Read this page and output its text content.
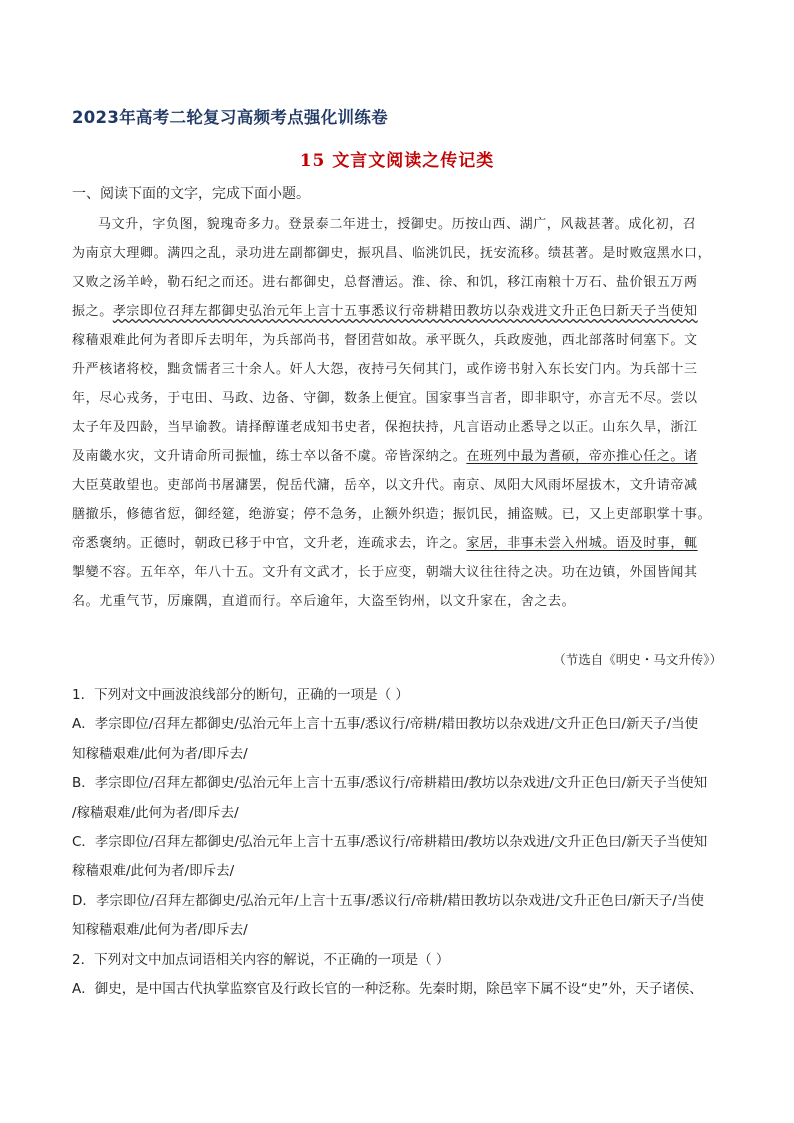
2023年高考二轮复习高频考点强化训练卷
15 文言文阅读之传记类
一、阅读下面的文字，完成下面小题。
马文升，字负图，貌瑰奇多力。登景泰二年进士，授御史。历按山西、湖广，风裁甚著。成化初，召
为南京大理卿。满四之乱，录功进左副都御史，振巩昌、临洮饥民，抚安流移。绩甚著。是时败寇黑水口，
又败之汤羊岭，勒石纪之而还。进右都御史，总督漕运。淮、徐、和饥，移江南粮十万石、盐价银五万两
振之。孝宗即位召拜左都御史弘治元年上言十五事悉议行帝耕耤田教坊以杂戏进文升正色曰新天子当使知
稼穑艰难此何为者即斥去明年，为兵部尚书，督团营如故。承平既久，兵政废弛，西北部落时伺塞下。文
升严核诸将校，黜贪懦者三十余人。奸人大怨，夜持弓矢伺其门，或作谤书射入东长安门内。为兵部十三
年，尽心戎务，于屯田、马政、边备、守御，数条上便宜。国家事当言者，即非职守，亦言无不尽。尝以
太子年及四龄，当早谕教。请择醇谨老成知书史者，保抱扶持，凡言语动止悉导之以正。山东久旱，浙江
及南畿水灾，文升请命所司振恤，练士卒以备不虞。帝皆深纳之。在班列中最为耆硕，帝亦推心任之。诸
大臣莫敢望也。吏部尚书屠滽罢，倪岳代滽，岳卒，以文升代。南京、凤阳大风雨坏屋拔木，文升请帝减
膳撤乐，修德省愆，御经筵，绝游宴；停不急务，止额外织造；振饥民，捕盗贼。已，又上吏部职掌十事。
帝悉褒纳。正德时，朝政已移于中官，文升老，连疏求去，许之。家居，非事未尝入州城。语及时事，輒
掣變不容。五年卒，年八十五。文升有文武才，长于应变，朝端大议往往待之决。功在边镇，外国皆闻其
名。尤重气节，厉廉隅，直道而行。卒后逾年，大盗至钧州，以文升家在，舍之去。
（节选自《明史・马文升传》）
1．下列对文中画波浪线部分的断句，正确的一项是（ ）
A．孝宗即位/召拜左都御史/弘治元年上言十五事/悉议行/帝耕/耤田教坊以杂戏进/文升正色曰/新天子/当使
知稼穑艰难/此何为者/即斥去/
B．孝宗即位/召拜左都御史/弘治元年上言十五事/悉议行/帝耕耤田/教坊以杂戏进/文升正色曰/新天子当使知
/稼穑艰难/此何为者/即斥去/
C．孝宗即位/召拜左都御史/弘治元年上言十五事/悉议行/帝耕耤田/教坊以杂戏进/文升正色曰/新天子当使知
稼穑艰难/此何为者/即斥去/
D．孝宗即位/召拜左都御史/弘治元年/上言十五事/悉议行/帝耕/耤田教坊以杂戏进/文升正色曰/新天子/当使
知稼穑艰难/此何为者/即斥去/
2．下列对文中加点词语相关内容的解说，不正确的一项是（ ）
A．御史，是中国古代执掌监察官及行政长官的一种泛称。先秦时期，除邑宰下属不设“史”外，天子诸侯、
